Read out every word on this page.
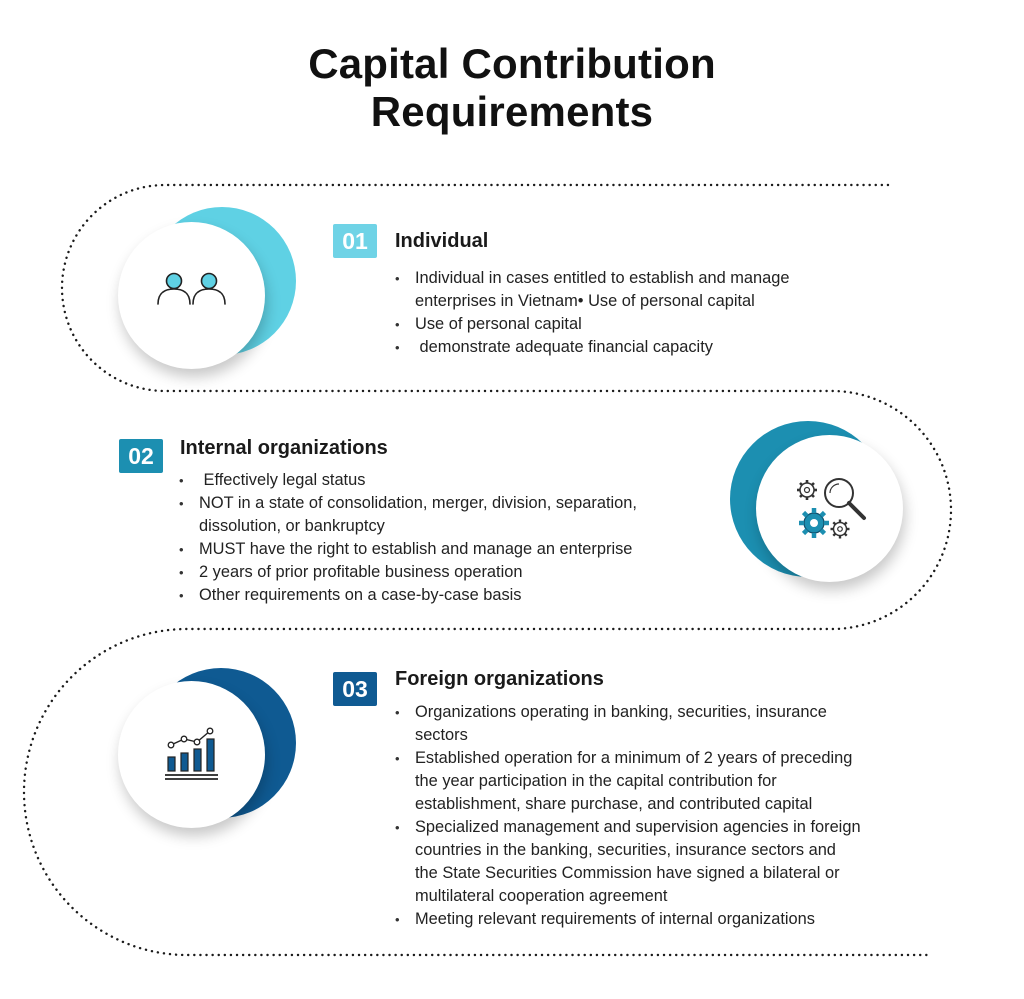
Capital Contribution
Requirements
01	Individual
• Individual in cases entitled to establish and manage
enterprises in Vietnam• Use of personal capital
• Use of personal capital
•  demonstrate adequate financial capacity
02	Internal organizations
•  Effectively legal status
• NOT in a state of consolidation, merger, division, separation,
dissolution, or bankruptcy
• MUST have the right to establish and manage an enterprise
• 2 years of prior profitable business operation
• Other requirements on a case-by-case basis
03	Foreign organizations
• Organizations operating in banking, securities, insurance
sectors
• Established operation for a minimum of 2 years of preceding
the year participation in the capital contribution for
establishment, share purchase, and contributed capital
• Specialized management and supervision agencies in foreign
countries in the banking, securities, insurance sectors and
the State Securities Commission have signed a bilateral or
multilateral cooperation agreement
• Meeting relevant requirements of internal organizations
